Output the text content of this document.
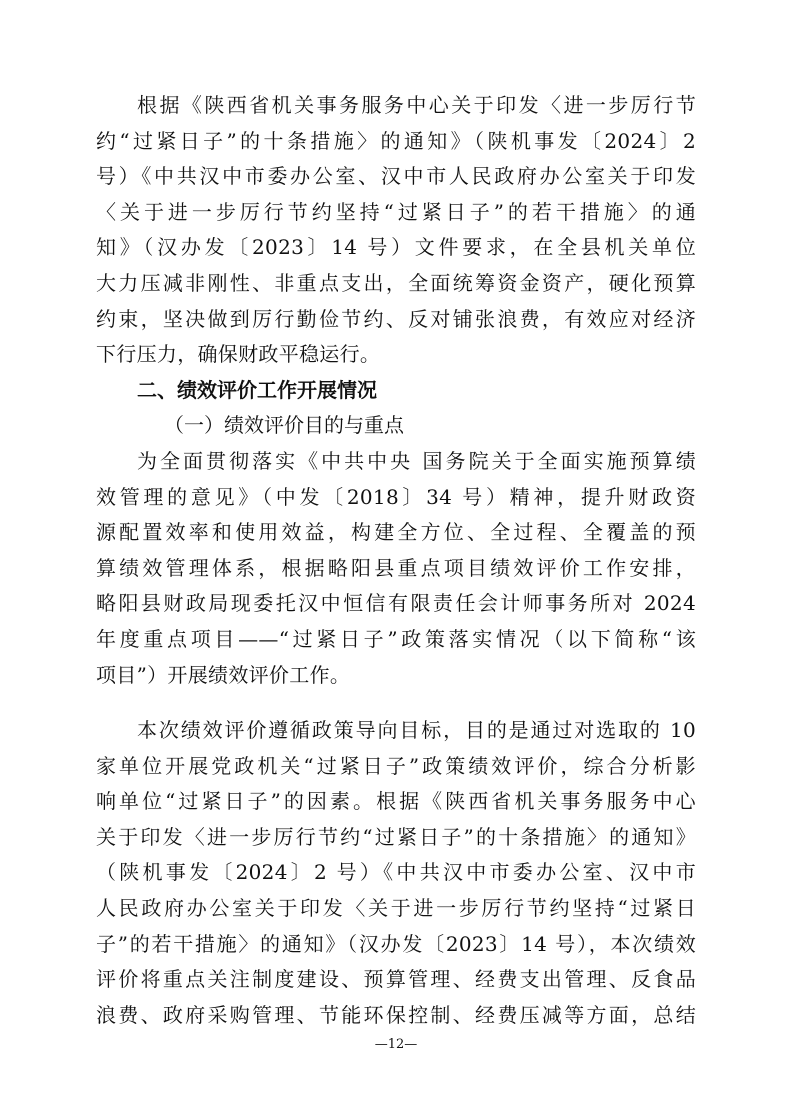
根据《陕西省机关事务服务中心关于印发〈进一步厉行节
约“过紧日子”的十条措施〉的通知》（陕机事发〔2024〕2
号）《中共汉中市委办公室、汉中市人民政府办公室关于印发
〈关于进一步厉行节约坚持“过紧日子”的若干措施〉的通
知》（汉办发〔2023〕14 号）文件要求，在全县机关单位
大力压减非刚性、非重点支出，全面统筹资金资产，硬化预算
约束，坚决做到厉行勤俭节约、反对铺张浪费，有效应对经济
下行压力，确保财政平稳运行。
二、绩效评价工作开展情况
（一）绩效评价目的与重点
为全面贯彻落实《中共中央 国务院关于全面实施预算绩
效管理的意见》（中发〔2018〕34 号）精神，提升财政资
源配置效率和使用效益，构建全方位、全过程、全覆盖的预
算绩效管理体系，根据略阳县重点项目绩效评价工作安排，
略阳县财政局现委托汉中恒信有限责任会计师事务所对 2024
年度重点项目——“过紧日子”政策落实情况（以下简称“该
项目”）开展绩效评价工作。
本次绩效评价遵循政策导向目标，目的是通过对选取的 10
家单位开展党政机关“过紧日子”政策绩效评价，综合分析影
响单位“过紧日子”的因素。根据《陕西省机关事务服务中心
关于印发〈进一步厉行节约“过紧日子”的十条措施〉的通知》
（陕机事发〔2024〕2 号）《中共汉中市委办公室、汉中市
人民政府办公室关于印发〈关于进一步厉行节约坚持“过紧日
子”的若干措施〉的通知》（汉办发〔2023〕14 号），本次绩效
评价将重点关注制度建设、预算管理、经费支出管理、反食品
浪费、政府采购管理、节能环保控制、经费压减等方面，总结
—12—
